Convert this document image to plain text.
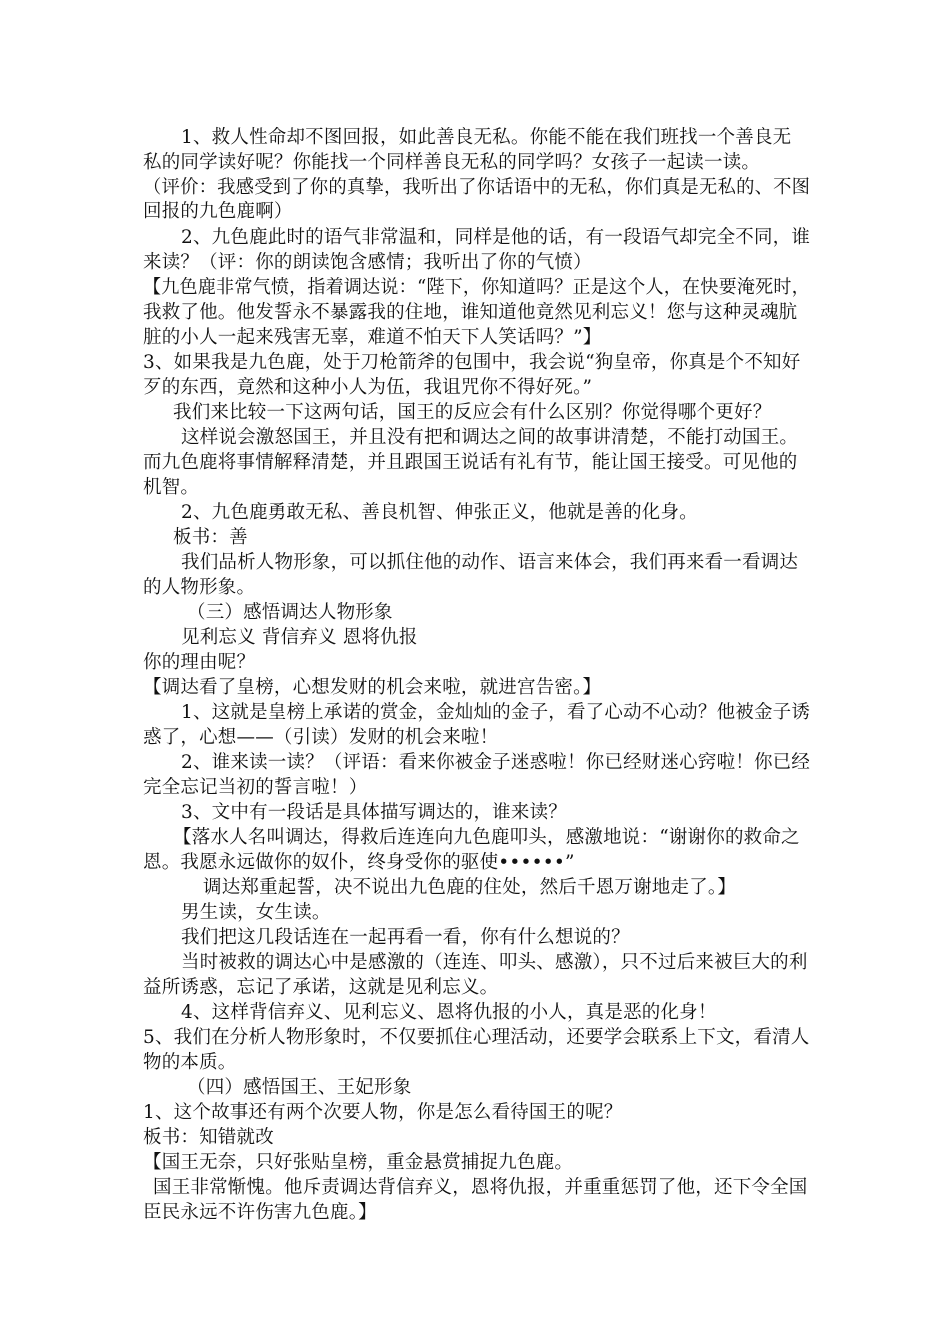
1、救人性命却不图回报，如此善良无私。你能不能在我们班找一个善良无
私的同学读好呢？你能找一个同样善良无私的同学吗？女孩子一起读一读。
（评价：我感受到了你的真挚，我听出了你话语中的无私，你们真是无私的、不图
回报的九色鹿啊）
2、九色鹿此时的语气非常温和，同样是他的话，有一段语气却完全不同，谁
来读？（评：你的朗读饱含感情；我听出了你的气愤）
【九色鹿非常气愤，指着调达说：“陛下，你知道吗？正是这个人，在快要淹死时，
我救了他。他发誓永不暴露我的住地，谁知道他竟然见利忘义！您与这种灵魂肮
脏的小人一起来残害无辜，难道不怕天下人笑话吗？”】
3、如果我是九色鹿，处于刀枪箭斧的包围中，我会说“狗皇帝，你真是个不知好
歹的东西，竟然和这种小人为伍，我诅咒你不得好死。”
我们来比较一下这两句话，国王的反应会有什么区别？你觉得哪个更好？
这样说会激怒国王，并且没有把和调达之间的故事讲清楚，不能打动国王。
而九色鹿将事情解释清楚，并且跟国王说话有礼有节，能让国王接受。可见他的
机智。
2、九色鹿勇敢无私、善良机智、伸张正义，他就是善的化身。
板书：善
我们品析人物形象，可以抓住他的动作、语言来体会，我们再来看一看调达
的人物形象。
（三）感悟调达人物形象
见利忘义 背信弃义 恩将仇报
你的理由呢？
【调达看了皇榜，心想发财的机会来啦，就进宫告密。】
1、这就是皇榜上承诺的赏金，金灿灿的金子，看了心动不心动？他被金子诱
惑了，心想——（引读）发财的机会来啦！
2、谁来读一读？（评语：看来你被金子迷惑啦！你已经财迷心窍啦！你已经
完全忘记当初的誓言啦！）
3、文中有一段话是具体描写调达的，谁来读？
【落水人名叫调达，得救后连连向九色鹿叩头，感激地说：“谢谢你的救命之
恩。我愿永远做你的奴仆，终身受你的驱使••••••”
调达郑重起誓，决不说出九色鹿的住处，然后千恩万谢地走了。】
男生读，女生读。
我们把这几段话连在一起再看一看，你有什么想说的？
当时被救的调达心中是感激的（连连、叩头、感激），只不过后来被巨大的利
益所诱惑，忘记了承诺，这就是见利忘义。
4、这样背信弃义、见利忘义、恩将仇报的小人，真是恶的化身！
5、我们在分析人物形象时，不仅要抓住心理活动，还要学会联系上下文，看清人
物的本质。
（四）感悟国王、王妃形象
1、这个故事还有两个次要人物，你是怎么看待国王的呢？
板书：知错就改
【国王无奈，只好张贴皇榜，重金悬赏捕捉九色鹿。
国王非常惭愧。他斥责调达背信弃义，恩将仇报，并重重惩罚了他，还下令全国
臣民永远不许伤害九色鹿。】
